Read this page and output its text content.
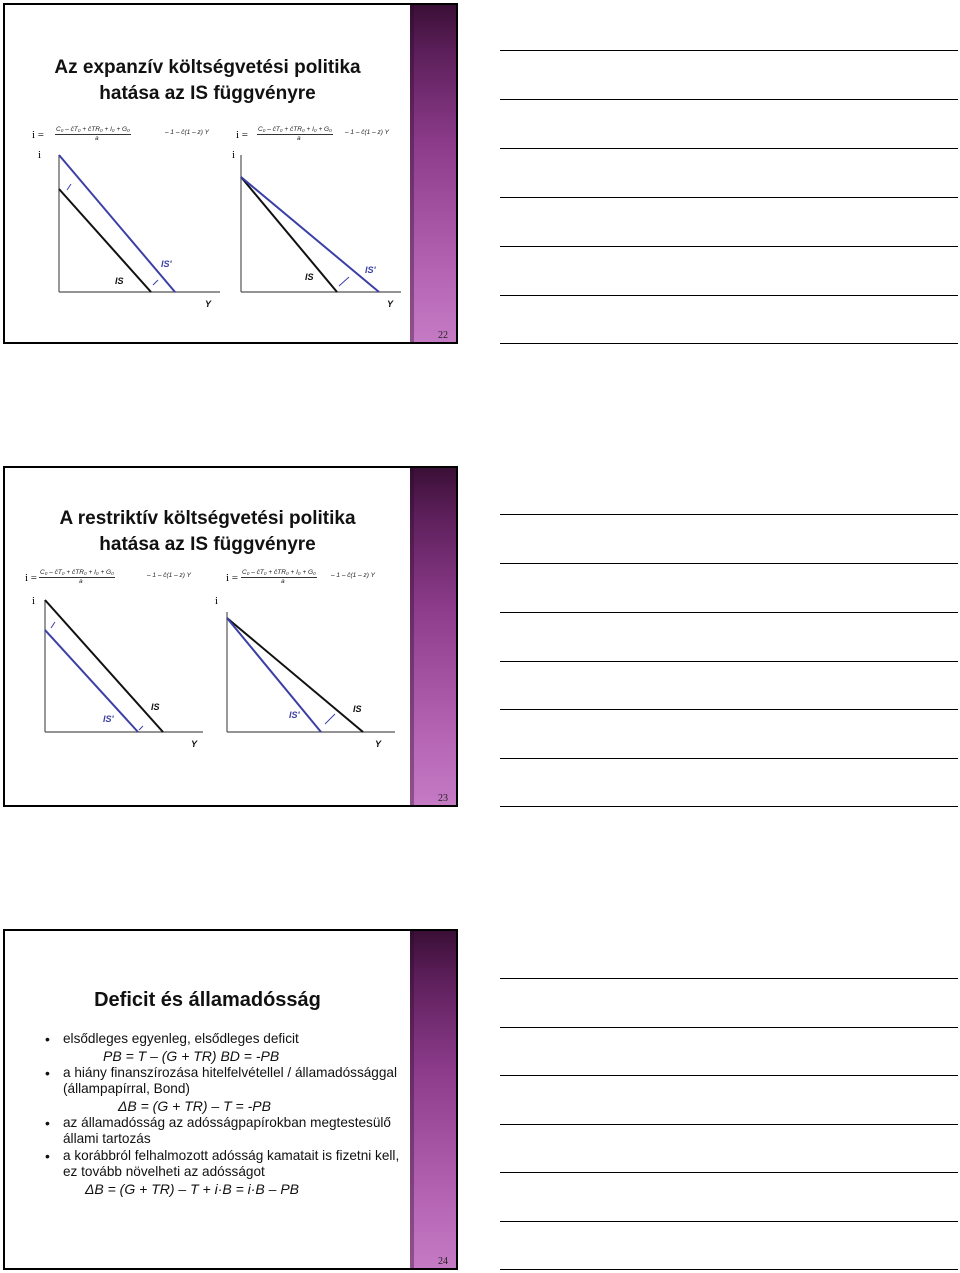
Az expanzív költségvetési politika
hatása az IS függvényre
i = C₀ – ĉT₀ + ĉTR₀ + I₀ + G₀
a
– 1 – ĉ(1 – z) Y i = C₀ – ĉT₀ + ĉTR₀ + I₀ + G₀
a
– 1 – ĉ(1 – z) Y
i
IS
IS'
Y
i
IS
IS'
Y
22
A restriktív költségvetési politika
hatása az IS függvényre
i = C₀ – ĉT₀ + ĉTR₀ + I₀ + G₀
a
– 1 – ĉ(1 – z) Y	i = C₀ – ĉT₀ + ĉTR₀ + I₀ + G₀
a
– 1 – ĉ(1 – z) Y
i
IS
IS'
Y
i
IS
IS'
Y
23
Deficit és államadósság
• elsődleges egyenleg, elsődleges deficit
PB = T – (G + TR) BD = -PB
• a hiány finanszírozása hitelfelvétellel / államadóssággal (állampapírral, Bond)
ΔB = (G + TR) – T = -PB
• az államadósság az adósságpapírokban megtestesülő állami tartozás
• a korábbról felhalmozott adósság kamatait is fizetni kell, ez tovább növelheti az adósságot
ΔB = (G + TR) – T + i·B = i·B – PB
24
